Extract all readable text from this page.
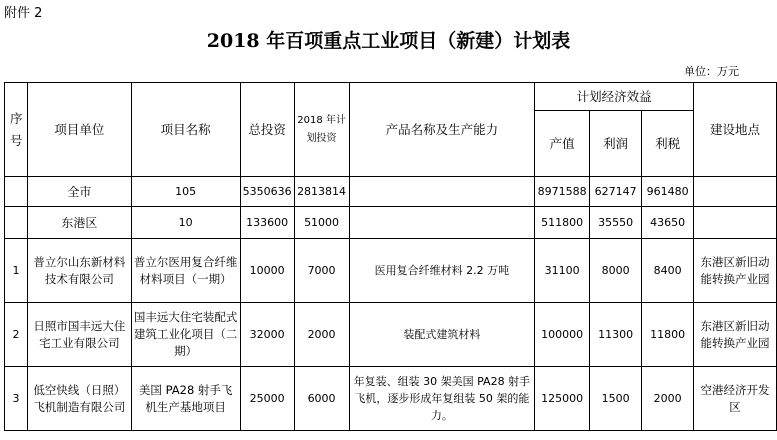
附件 2
2018 年百项重点工业项目（新建）计划表
单位：万元
序号	项目单位	项目名称	总投资	2018 年计划投资	产品名称及生产能力	计划经济效益			建设地点
						产值	利润	利税	
	全市	105	5350636	2813814		8971588	627147	961480	
	东港区	10	133600	51000		511800	35550	43650	
1	普立尔山东新材料技术有限公司	普立尔医用复合纤维材料项目（一期）	10000	7000	医用复合纤维材料 2.2 万吨	31100	8000	8400	东港区新旧动能转换产业园
2	日照市国丰远大住宅工业有限公司	国丰远大住宅装配式建筑工业化项目（二期）	32000	2000	装配式建筑材料	100000	11300	11800	东港区新旧动能转换产业园
3	低空快线（日照）飞机制造有限公司	美国 PA28 射手飞机生产基地项目	25000	6000	年复装、组装 30 架美国 PA28 射手飞机，逐步形成年复组装 50 架的能力。	125000	1500	2000	空港经济开发区
